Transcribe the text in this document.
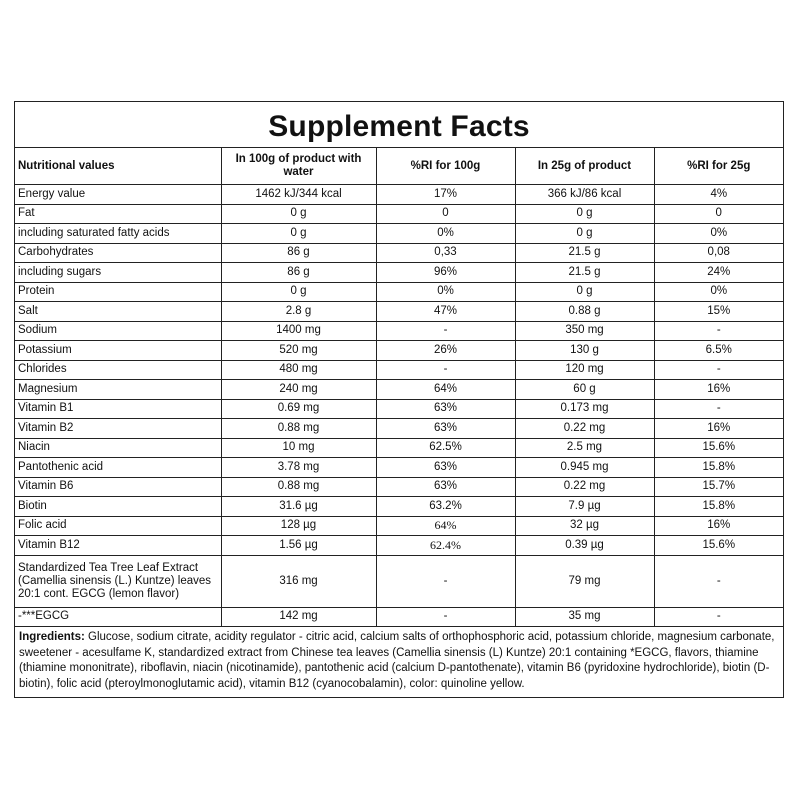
Supplement Facts
Nutritional values	In 100g of product with water	%RI for 100g	In 25g of product	%RI for 25g
Energy value	1462 kJ/344 kcal	17%	366 kJ/86 kcal	4%
Fat	0 g	0	0 g	0
including saturated fatty acids	0 g	0%	0 g	0%
Carbohydrates	86 g	0,33	21.5 g	0,08
including sugars	86 g	96%	21.5 g	24%
Protein	0 g	0%	0 g	0%
Salt	2.8 g	47%	0.88 g	15%
Sodium	1400 mg	-	350 mg	-
Potassium	520 mg	26%	130 g	6.5%
Chlorides	480 mg	-	120 mg	-
Magnesium	240 mg	64%	60 g	16%
Vitamin B1	0.69 mg	63%	0.173 mg	-
Vitamin B2	0.88 mg	63%	0.22 mg	16%
Niacin	10 mg	62.5%	2.5 mg	15.6%
Pantothenic acid	3.78 mg	63%	0.945 mg	15.8%
Vitamin B6	0.88 mg	63%	0.22 mg	15.7%
Biotin	31.6 µg	63.2%	7.9 µg	15.8%
Folic acid	128 µg	64%	32 µg	16%
Vitamin B12	1.56 µg	62.4%	0.39 µg	15.6%
Standardized Tea Tree Leaf Extract (Camellia sinensis (L.) Kuntze) leaves 20:1 cont. EGCG (lemon flavor)	316 mg	-	79 mg	-
-***EGCG	142 mg	-	35 mg	-
Ingredients: Glucose, sodium citrate, acidity regulator - citric acid, calcium salts of orthophosphoric acid, potassium chloride, magnesium carbonate, sweetener - acesulfame K, standardized extract from Chinese tea leaves (Camellia sinensis (L) Kuntze) 20:1 containing *EGCG, flavors, thiamine (thiamine mononitrate), riboflavin, niacin (nicotinamide), pantothenic acid (calcium D-pantothenate), vitamin B6 (pyridoxine hydrochloride), biotin (D-biotin), folic acid (pteroylmonoglutamic acid), vitamin B12 (cyanocobalamin), color: quinoline yellow.
